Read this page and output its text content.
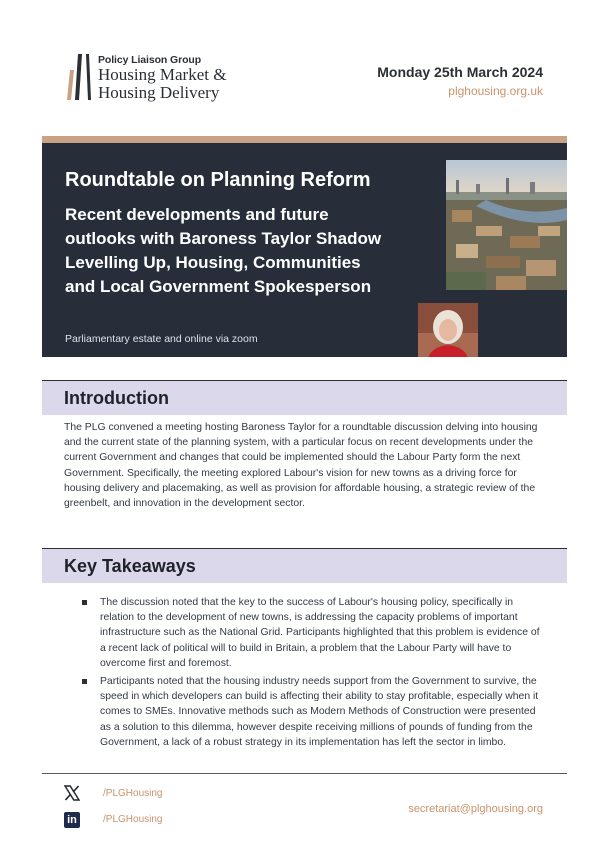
Policy Liaison Group
Housing Market &
Housing Delivery
Monday 25th March 2024
plghousing.org.uk
Roundtable on Planning Reform
Recent developments and future outlooks with Baroness Taylor Shadow Levelling Up, Housing, Communities and Local Government Spokesperson
Parliamentary estate and online via zoom
Introduction
The PLG convened a meeting hosting Baroness Taylor for a roundtable discussion delving into housing and the current state of the planning system, with a particular focus on recent developments under the current Government and changes that could be implemented should the Labour Party form the next Government. Specifically, the meeting explored Labour's vision for new towns as a driving force for housing delivery and placemaking, as well as provision for affordable housing, a strategic review of the greenbelt, and innovation in the development sector.
Key Takeaways
The discussion noted that the key to the success of Labour's housing policy, specifically in relation to the development of new towns, is addressing the capacity problems of important infrastructure such as the National Grid. Participants highlighted that this problem is evidence of a recent lack of political will to build in Britain, a problem that the Labour Party will have to overcome first and foremost.
Participants noted that the housing industry needs support from the Government to survive, the speed in which developers can build is affecting their ability to stay profitable, especially when it comes to SMEs. Innovative methods such as Modern Methods of Construction were presented as a solution to this dilemma, however despite receiving millions of pounds of funding from the Government, a lack of a robust strategy in its implementation has left the sector in limbo.
/PLGHousing
in	/PLGHousing
secretariat@plghousing.org
